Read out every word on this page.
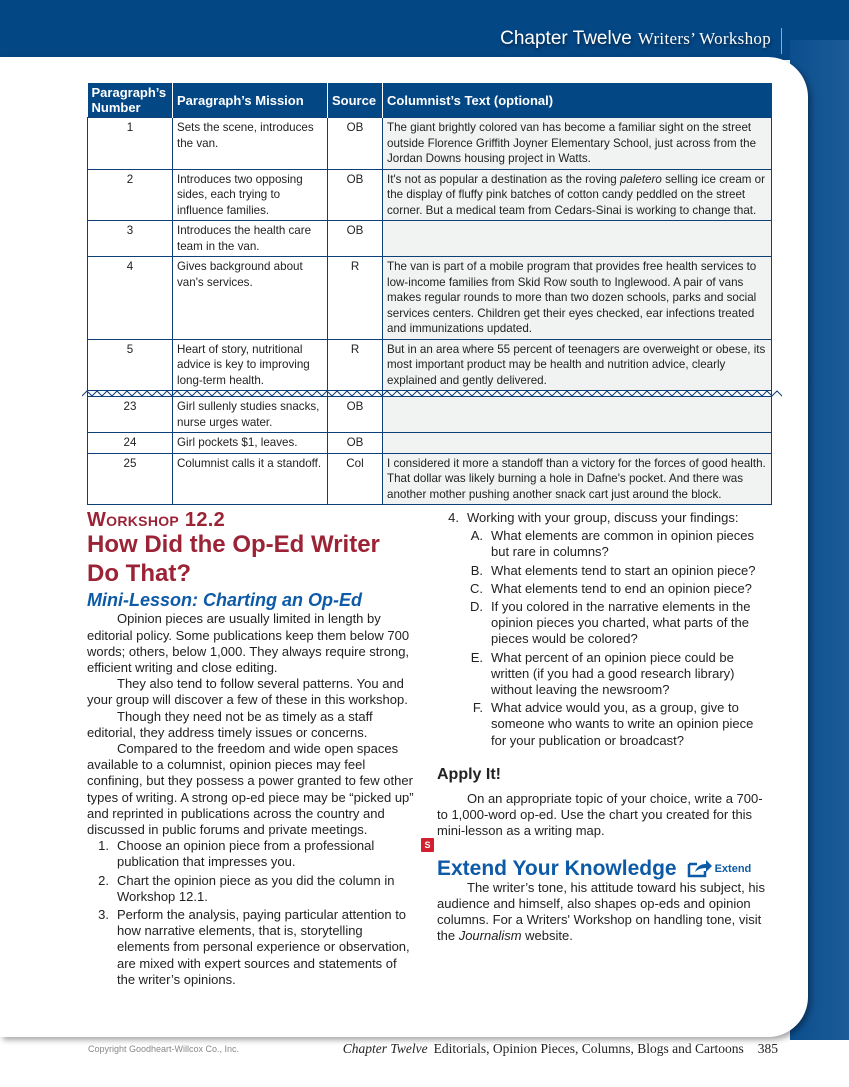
Chapter Twelve Writers’ Workshop
Paragraph’s Number	Paragraph’s Mission	Source	Columnist’s Text (optional)
1	Sets the scene, introduces the van.	OB	The giant brightly colored van has become a familiar sight on the street outside Florence Griffith Joyner Elementary School, just across from the Jordan Downs housing project in Watts.
2	Introduces two opposing sides, each trying to influence families.	OB	It's not as popular a destination as the roving paletero selling ice cream or the display of fluffy pink batches of cotton candy peddled on the street corner. But a medical team from Cedars-Sinai is working to change that.
3	Introduces the health care team in the van.	OB	
4	Gives background about van's services.	R	The van is part of a mobile program that provides free health services to low-income families from Skid Row south to Inglewood. A pair of vans makes regular rounds to more than two dozen schools, parks and social services centers. Children get their eyes checked, ear infections treated and immunizations updated.
5	Heart of story, nutritional advice is key to improving long-term health.	R	But in an area where 55 percent of teenagers are overweight or obese, its most important product may be health and nutrition advice, clearly explained and gently delivered.

23	Girl sullenly studies snacks, nurse urges water.	OB	
24	Girl pockets $1, leaves.	OB	
25	Columnist calls it a standoff.	Col	I considered it more a standoff than a victory for the forces of good health. That dollar was likely burning a hole in Dafne's pocket. And there was another mother pushing another snack cart just around the block.
Workshop 12.2
How Did the Op-Ed Writer Do That?
Mini-Lesson: Charting an Op-Ed

Opinion pieces are usually limited in length by editorial policy. Some publications keep them below 700 words; others, below 1,000. They always require strong, efficient writing and close editing.

They also tend to follow several patterns. You and your group will discover a few of these in this workshop.

Though they need not be as timely as a staff editorial, they address timely issues or concerns.

Compared to the freedom and wide open spaces available to a columnist, opinion pieces may feel confining, but they possess a power granted to few other types of writing. A strong op-ed piece may be “picked up” and reprinted in publications across the country and discussed in public forums and private meetings.

1. Choose an opinion piece from a professional publication that impresses you.
2. Chart the opinion piece as you did the column in Workshop 12.1.
3. Perform the analysis, paying particular attention to how narrative elements, that is, storytelling elements from personal experience or observation, are mixed with expert sources and statements of the writer’s opinions.
4. Working with your group, discuss your findings:
A. What elements are common in opinion pieces but rare in columns?
B. What elements tend to start an opinion piece?
C. What elements tend to end an opinion piece?
D. If you colored in the narrative elements in the opinion pieces you charted, what parts of the pieces would be colored?
E. What percent of an opinion piece could be written (if you had a good research library) without leaving the newsroom?
F. What advice would you, as a group, give to someone who wants to write an opinion piece for your publication or broadcast?
Apply It!

On an appropriate topic of your choice, write a 700- to 1,000-word op-ed. Use the chart you created for this mini-lesson as a writing map.

Extend Your Knowledge	Extend

The writer’s tone, his attitude toward his subject, his audience and himself, also shapes op-eds and opinion columns. For a Writers' Workshop on handling tone, visit the Journalism website.

S
Copyright Goodheart-Willcox Co., Inc.	Chapter Twelve Editorials, Opinion Pieces, Columns, Blogs and Cartoons 385
